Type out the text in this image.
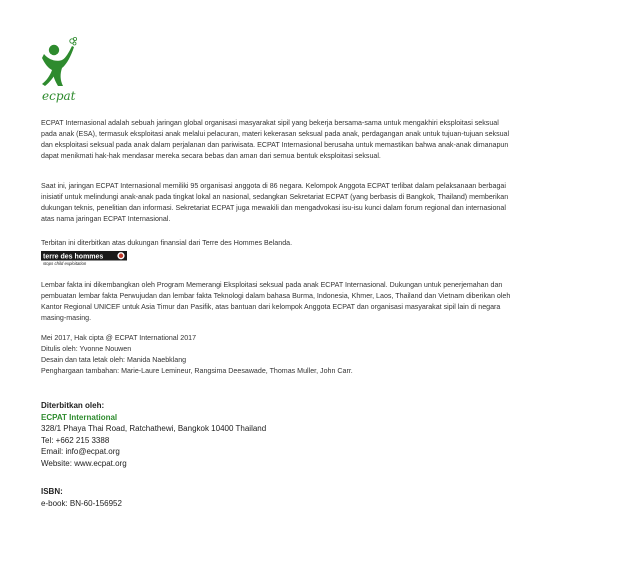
ecpat

ECPAT Internasional adalah sebuah jaringan global organisasi masyarakat sipil yang bekerja bersama-sama untuk mengakhiri eksploitasi seksual pada anak (ESA), termasuk eksploitasi anak melalui pelacuran, materi kekerasan seksual pada anak, perdagangan anak untuk tujuan-tujuan seksual dan eksploitasi seksual pada anak dalam perjalanan dan pariwisata. ECPAT Internasional berusaha untuk memastikan bahwa anak-anak dimanapun dapat menikmati hak-hak mendasar mereka secara bebas dan aman dari semua bentuk eksploitasi seksual.

Saat ini, jaringan ECPAT Internasional memiliki 95 organisasi anggota di 86 negara. Kelompok Anggota ECPAT terlibat dalam pelaksanaan berbagai inisiatif untuk melindungi anak-anak pada tingkat lokal an nasional, sedangkan Sekretariat ECPAT (yang berbasis di Bangkok, Thailand) memberikan dukungan teknis, penelitian dan informasi. Sekretariat ECPAT juga mewakili dan mengadvokasi isu-isu kunci dalam forum regional dan internasional atas nama jaringan ECPAT Internasional.

Terbitan ini diterbitkan atas dukungan finansial dari Terre des Hommes Belanda.

terre des hommes
stops child exploitation

Lembar fakta ini dikembangkan oleh Program Memerangi Eksploitasi seksual pada anak ECPAT Internasional. Dukungan untuk penerjemahan dan pembuatan lembar fakta Perwujudan dan lembar fakta Teknologi dalam bahasa Burma, Indonesia, Khmer, Laos, Thailand dan Vietnam diberikan oleh Kantor Regional UNICEF untuk Asia Timur dan Pasifik, atas bantuan dari kelompok Anggota ECPAT dan organisasi masyarakat sipil lain di negara masing-masing.

Mei 2017, Hak cipta @ ECPAT International 2017

Ditulis oleh: Yvonne Nouwen

Desain dan tata letak oleh: Manida Naebklang

Penghargaan tambahan: Marie-Laure Lemineur, Rangsima Deesawade, Thomas Muller, John Carr.

Diterbitkan oleh:
ECPAT International
328/1 Phaya Thai Road, Ratchathewi, Bangkok 10400 Thailand
Tel: +662 215 3388
Email: info@ecpat.org
Website: www.ecpat.org
ISBN:
e-book: BN-60-156952
